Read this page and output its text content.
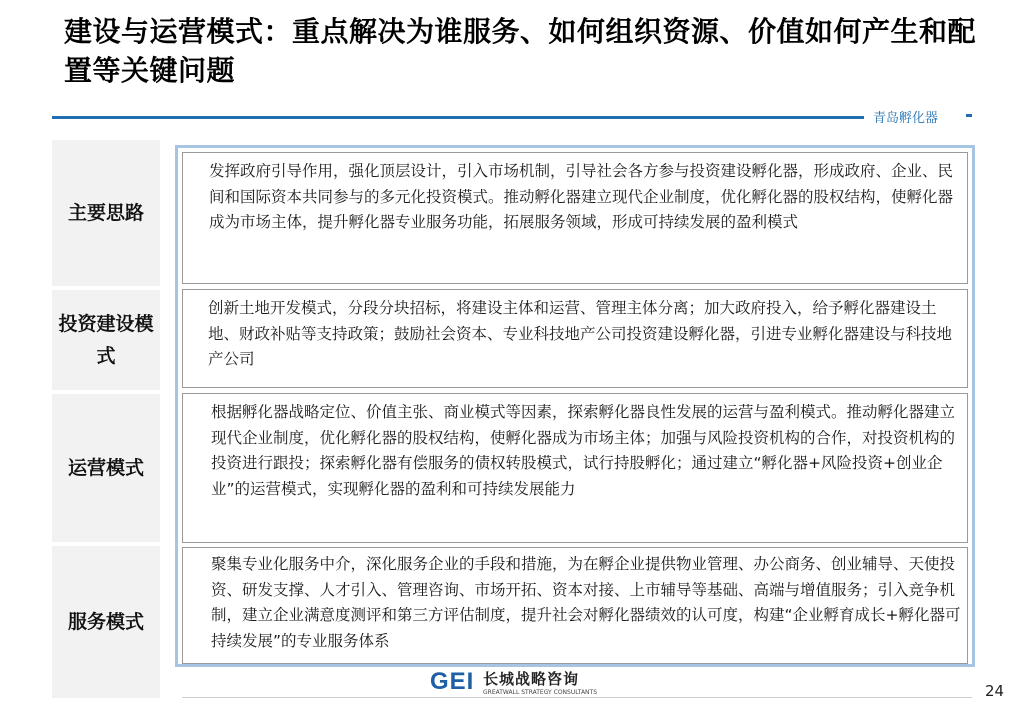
建设与运营模式：重点解决为谁服务、如何组织资源、价值如何产生和配置等关键问题
青岛孵化器
主要思路
投资建设模式
运营模式
服务模式
发挥政府引导作用，强化顶层设计，引入市场机制，引导社会各方参与投资建设孵化器，形成政府、企业、民间和国际资本共同参与的多元化投资模式。推动孵化器建立现代企业制度，优化孵化器的股权结构，使孵化器成为市场主体，提升孵化器专业服务功能，拓展服务领域，形成可持续发展的盈利模式
创新土地开发模式，分段分块招标，将建设主体和运营、管理主体分离；加大政府投入，给予孵化器建设土地、财政补贴等支持政策；鼓励社会资本、专业科技地产公司投资建设孵化器，引进专业孵化器建设与科技地产公司
根据孵化器战略定位、价值主张、商业模式等因素，探索孵化器良性发展的运营与盈利模式。推动孵化器建立现代企业制度，优化孵化器的股权结构，使孵化器成为市场主体；加强与风险投资机构的合作，对投资机构的投资进行跟投；探索孵化器有偿服务的债权转股模式，试行持股孵化；通过建立“孵化器+风险投资+创业企业”的运营模式，实现孵化器的盈利和可持续发展能力
聚集专业化服务中介，深化服务企业的手段和措施，为在孵企业提供物业管理、办公商务、创业辅导、天使投资、研发支撑、人才引入、管理咨询、市场开拓、资本对接、上市辅导等基础、高端与增值服务；引入竞争机制，建立企业满意度测评和第三方评估制度，提升社会对孵化器绩效的认可度，构建“企业孵育成长+孵化器可持续发展”的专业服务体系
GEI 长城战略咨询
GREATWALL STRATEGY CONSULTANTS	24
